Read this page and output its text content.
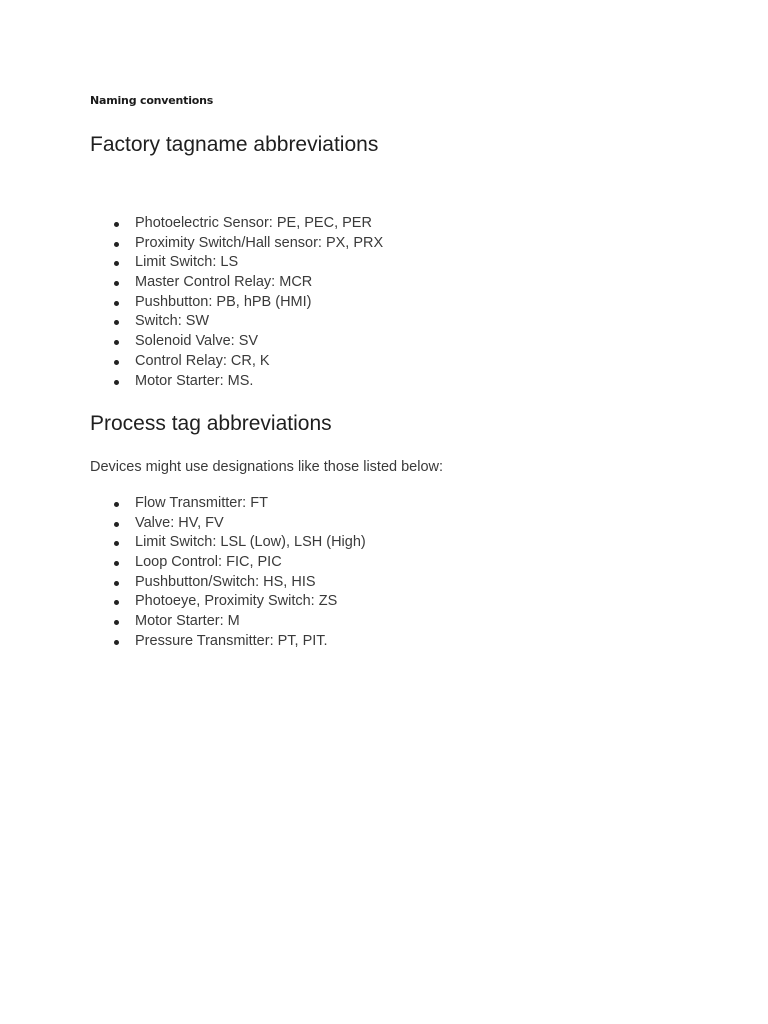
Naming conventions

Factory tagname abbreviations
Photoelectric Sensor: PE, PEC, PER
Proximity Switch/Hall sensor: PX, PRX
Limit Switch: LS
Master Control Relay: MCR
Pushbutton: PB, hPB (HMI)
Switch: SW
Solenoid Valve: SV
Control Relay: CR, K
Motor Starter: MS.
Process tag abbreviations

Devices might use designations like those listed below:

Flow Transmitter: FT
Valve: HV, FV
Limit Switch: LSL (Low), LSH (High)
Loop Control: FIC, PIC
Pushbutton/Switch: HS, HIS
Photoeye, Proximity Switch: ZS
Motor Starter: M
Pressure Transmitter: PT, PIT.
